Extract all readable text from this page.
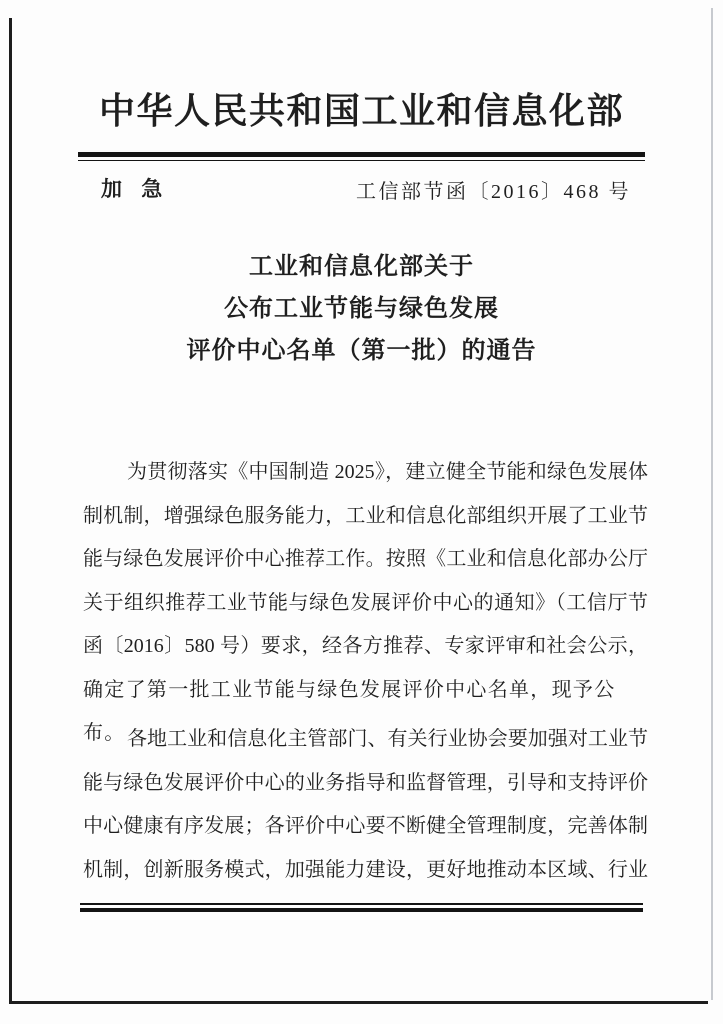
中华人民共和国工业和信息化部
加 急	工信部节函〔2016〕468 号
工业和信息化部关于
公布工业节能与绿色发展
评价中心名单（第一批）的通告
为贯彻落实《中国制造 2025》，建立健全节能和绿色发展体
制机制，增强绿色服务能力，工业和信息化部组织开展了工业节
能与绿色发展评价中心推荐工作。按照《工业和信息化部办公厅
关于组织推荐工业节能与绿色发展评价中心的通知》（工信厅节
函〔2016〕580 号）要求，经各方推荐、专家评审和社会公示，
确定了第一批工业节能与绿色发展评价中心名单，现予公布。 各地工业和信息化主管部门、有关行业协会要加强对工业节
能与绿色发展评价中心的业务指导和监督管理，引导和支持评价
中心健康有序发展；各评价中心要不断健全管理制度，完善体制
机制，创新服务模式，加强能力建设，更好地推动本区域、行业
